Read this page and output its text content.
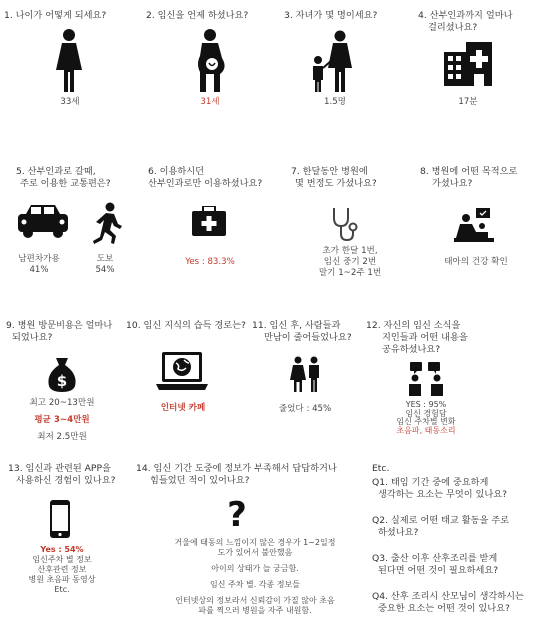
1. 나이가 어떻게 되세요?
33세
2. 임신을 언제 하셨나요?
31세
3. 자녀가 몇 명이세요?
1.5명
4. 산부인과까지 얼마나
걸리셨나요?
17분
5. 산부인과로 갈때,
주로 이용한 교통편은?
남편차가용
41%
도보
54%
6. 이용하시던
산부인과로만 이용하셨나요?
Yes : 83.3%
7. 한달동안 병원에
몇 번정도 가셨나요?
초가 한달 1번,
임신 중기 2번
말기 1~2주 1번
8. 병원에 어떤 목적으로
가셨나요?
태아의 건강 확인
9. 병원 방문비용은 얼마나
되었나요?
$
최고 20~13만원
평균 3~4만원
최저 2.5만원
10. 임신 지식의 습득 경로는?
인터넷 카페
11. 임신 후, 사람들과
만남이 줄어들었나요?
줄었다 : 45%
12. 자신의 임신 소식을
지인들과 어떤 내용을
공유하셨나요?
YES : 95%
임신 경험담
임신 주차별 변화
초음파, 태동소리
13. 임신과 관련된 APP을
사용하신 경험이 있나요?
Yes : 54%
임신주차 별 정보
산후관련 정보
병원 초음파 동영상
Etc.
14. 임신 기간 도중에 정보가 부족해서 답답하거나
힘들었던 적이 있어나요?
?
거울에 태동의 느낌이지 않은 경우가 1~2일정
도가 있어서 불안했음
아이의 상태가 늘 궁금함.
임신 주차 별. 각종 정보들
인터넷상의 정보라서 신뢰감이 가질 않아 초음
파를 찍으러 병원을 자주 내원함.
Etc.
Q1. 태임 기간 중에 중요하게
생각하는 요소는 무엇이 있나요?
Q2. 실제로 어떤 태교 활동을 주로
하셨나요?
Q3. 출산 이후 산후조리를 받게
된다면 어떤 것이 필요하세요?
Q4. 산후 조리시 산모님이 생각하시는
중요한 요소는 어떤 것이 있나요?
